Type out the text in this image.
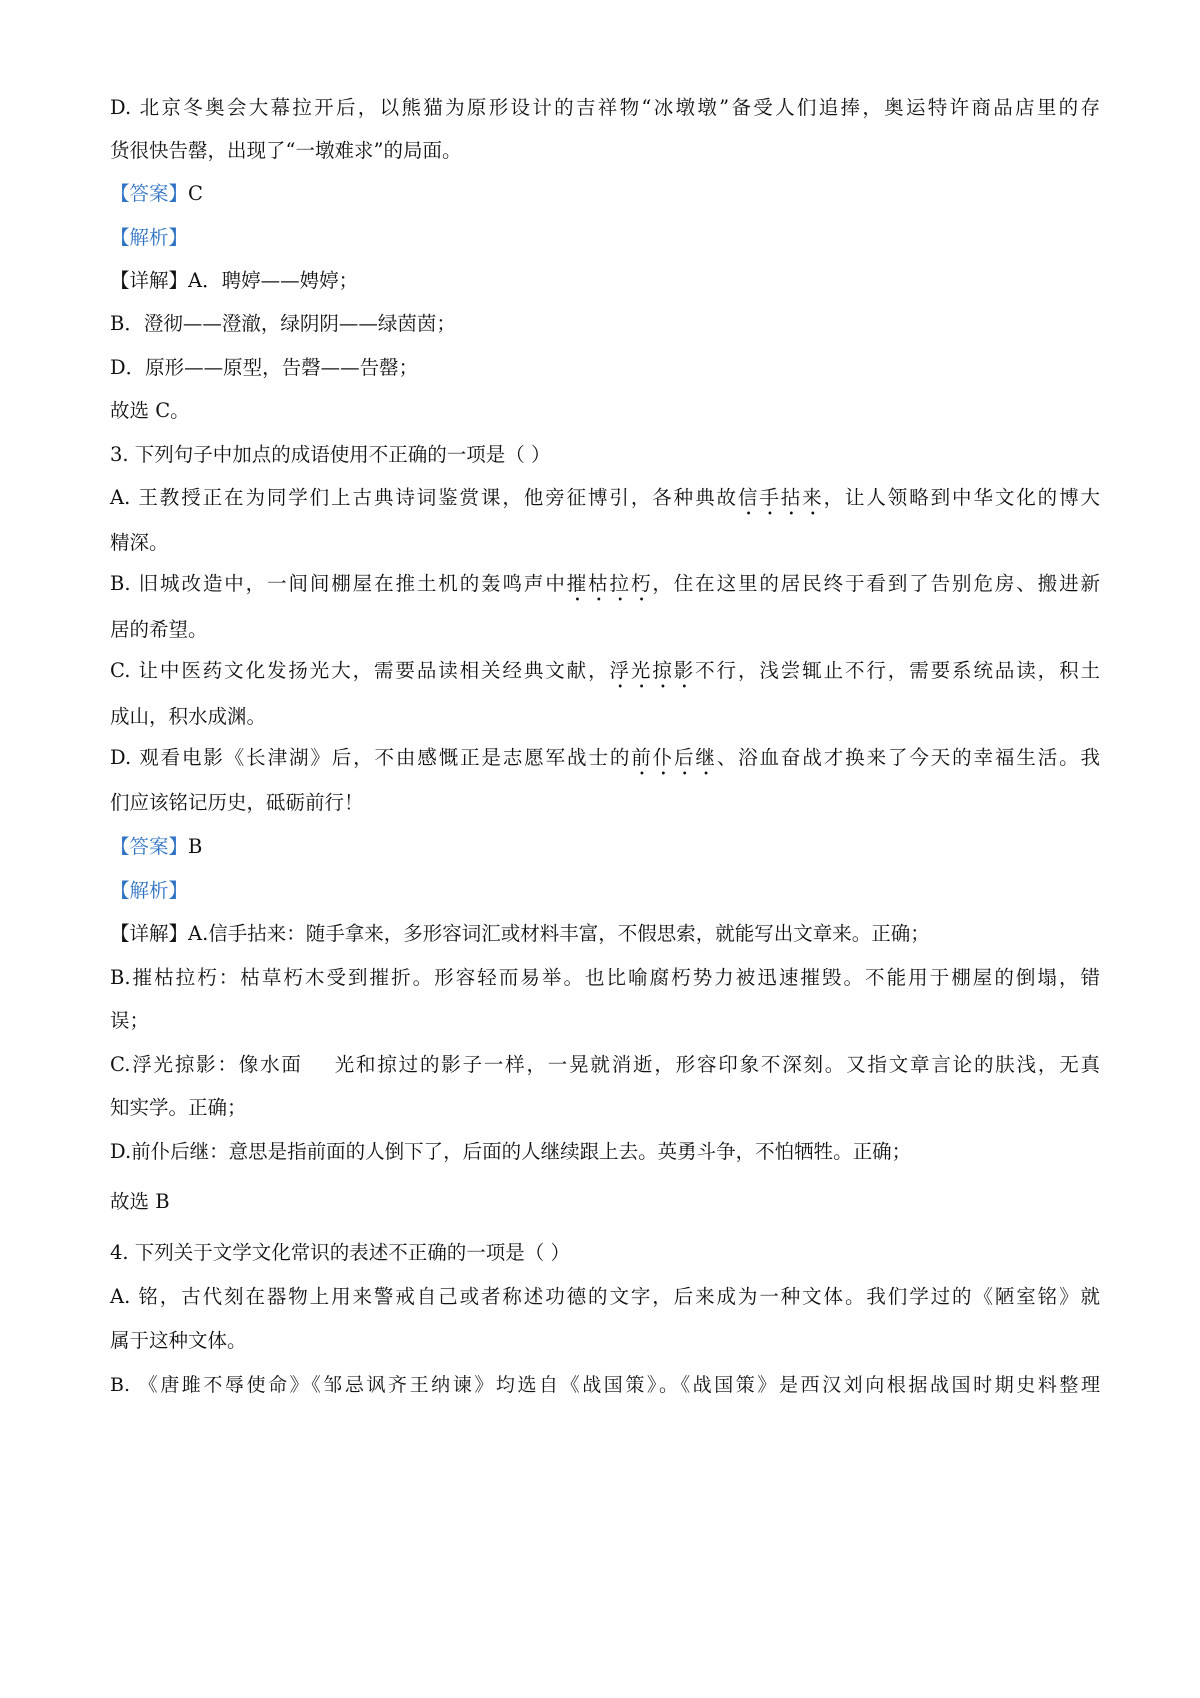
D. 北京冬奥会大幕拉开后，以熊猫为原形设计的吉祥物“冰墩墩”备受人们追捧，奥运特许商品店里的存
货很快告罄，出现了“一墩难求”的局面。
【答案】C
【解析】
【详解】A．聘婷——娉婷；
B．澄彻——澄澈，绿阴阴——绿茵茵；
D．原形——原型，告磬——告罄；
故选 C。
3. 下列句子中加点的成语使用不正确的一项是（ ）
A. 王教授正在为同学们上古典诗词鉴赏课，他旁征博引，各种典故信手拈来，让人领略到中华文化的博大
精深。
B. 旧城改造中，一间间棚屋在推土机的轰鸣声中摧枯拉朽，住在这里的居民终于看到了告别危房、搬进新
居的希望。
C. 让中医药文化发扬光大，需要品读相关经典文献，浮光掠影不行，浅尝辄止不行，需要系统品读，积土
成山，积水成渊。
D. 观看电影《长津湖》后，不由感慨正是志愿军战士的前仆后继、浴血奋战才换来了今天的幸福生活。我
们应该铭记历史，砥砺前行！
【答案】B
【解析】
【详解】A.信手拈来：随手拿来，多形容词汇或材料丰富，不假思索，就能写出文章来。正确；
B.摧枯拉朽：枯草朽木受到摧折。形容轻而易举。也比喻腐朽势力被迅速摧毁。不能用于棚屋的倒塌，错
误；
C.浮光掠影：像水面    光和掠过的影子一样，一晃就消逝，形容印象不深刻。又指文章言论的肤浅，无真
知实学。正确；
D.前仆后继：意思是指前面的人倒下了，后面的人继续跟上去。英勇斗争，不怕牺牲。正确；
故选 B
4. 下列关于文学文化常识的表述不正确的一项是（ ）
A. 铭，古代刻在器物上用来警戒自己或者称述功德的文字，后来成为一种文体。我们学过的《陋室铭》就
属于这种文体。
B. 《唐雎不辱使命》《邹忌讽齐王纳谏》均选自《战国策》。《战国策》是西汉刘向根据战国时期史料整理
